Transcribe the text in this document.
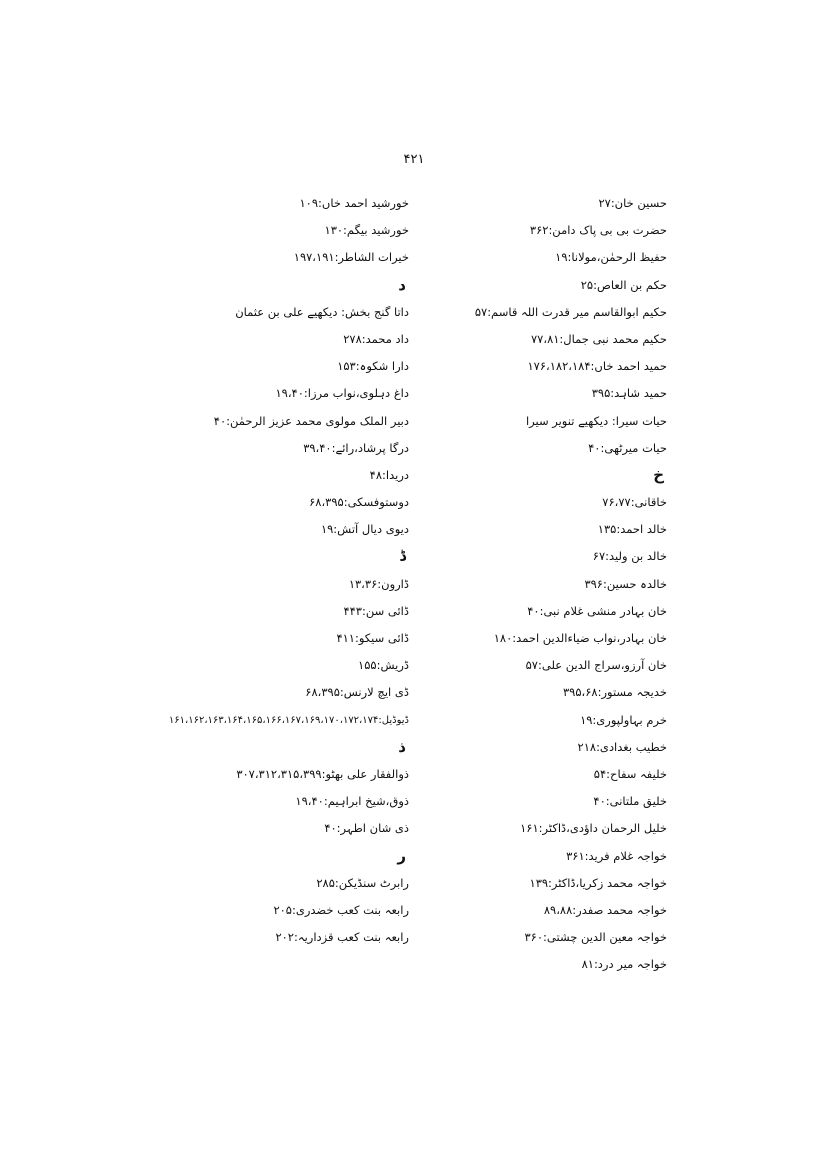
۴۲۱
حسین خان:۲۷
حضرت بی بی پاک دامن:۳۶۲
حفیظ الرحمٰن،مولانا:۱۹
حکم بن العاص:۲۵
حکیم ابوالقاسم میر قدرت اللہ قاسم:۵۷
حکیم محمد نبی جمال:۷۷،۸۱
حمید احمد خاں:۱۷۶،۱۸۲،۱۸۴
حمید شاہد:۳۹۵
حیات سیرا: دیکھیے تنویر سیرا
حیات میرٹھی:۴۰
خ
خاقانی:۷۶،۷۷
خالد احمد:۱۳۵
خالد بن ولید:۶۷
خالدہ حسین:۳۹۶
خان بہادر منشی غلام نبی:۴۰
خان بہادر،نواب ضیاءالدین احمد:۱۸۰
خان آرزو،سراج الدین علی:۵۷
خدیجہ مستور:۳۹۵،۶۸
خرم بہاولپوری:۱۹
خطیب بغدادی:۲۱۸
خلیفہ سفاح:۵۴
خلیق ملتانی:۴۰
خلیل الرحمان داؤدی،ڈاکٹر:۱۶۱
خواجہ غلام فرید:۳۶۱
خواجہ محمد زکریا،ڈاکٹر:۱۳۹
خواجہ محمد صفدر:۸۹،۸۸
خواجہ معین الدین چشتی:۳۶۰
خواجہ میر درد:۸۱
خورشید احمد خاں:۱۰۹
خورشید بیگم:۱۳۰
خیرات الشاطر:۱۹۷،۱۹۱
د
داتا گنج بخش: دیکھیے علی بن عثمان
داد محمد:۲۷۸
دارا شکوہ:۱۵۳
داغ دہلوی،نواب مرزا:۱۹،۴۰
دبیر الملک مولوی محمد عزیز الرحمٰن:۴۰
درگا پرشاد،رائے:۳۹،۴۰
دریدا:۴۸
دوستوفسکی:۶۸،۳۹۵
دیوی دیال آتش:۱۹
ڈ
ڈارون:۱۳،۳۶
ڈائی سن:۴۴۳
ڈائی سیکو:۴۱۱
ڈریش:۱۵۵
ڈی ایچ لارنس:۶۸،۳۹۵
ڈیوڈیل:۱۶۱،۱۶۲،۱۶۳،۱۶۴،۱۶۵،۱۶۶،۱۶۷،۱۶۹،۱۷۰،۱۷۲،۱۷۴
ذ
ذوالفقار علی بھٹو:۳۰۷،۳۱۲،۳۱۵،۳۹۹
ذوق،شیخ ابراہیم:۱۹،۴۰
ذی شان اطہر:۴۰
ر
رابرٹ سنڈیکن:۲۸۵
رابعہ بنت کعب خضدری:۲۰۵
رابعہ بنت کعب قزداریہ:۲۰۲
